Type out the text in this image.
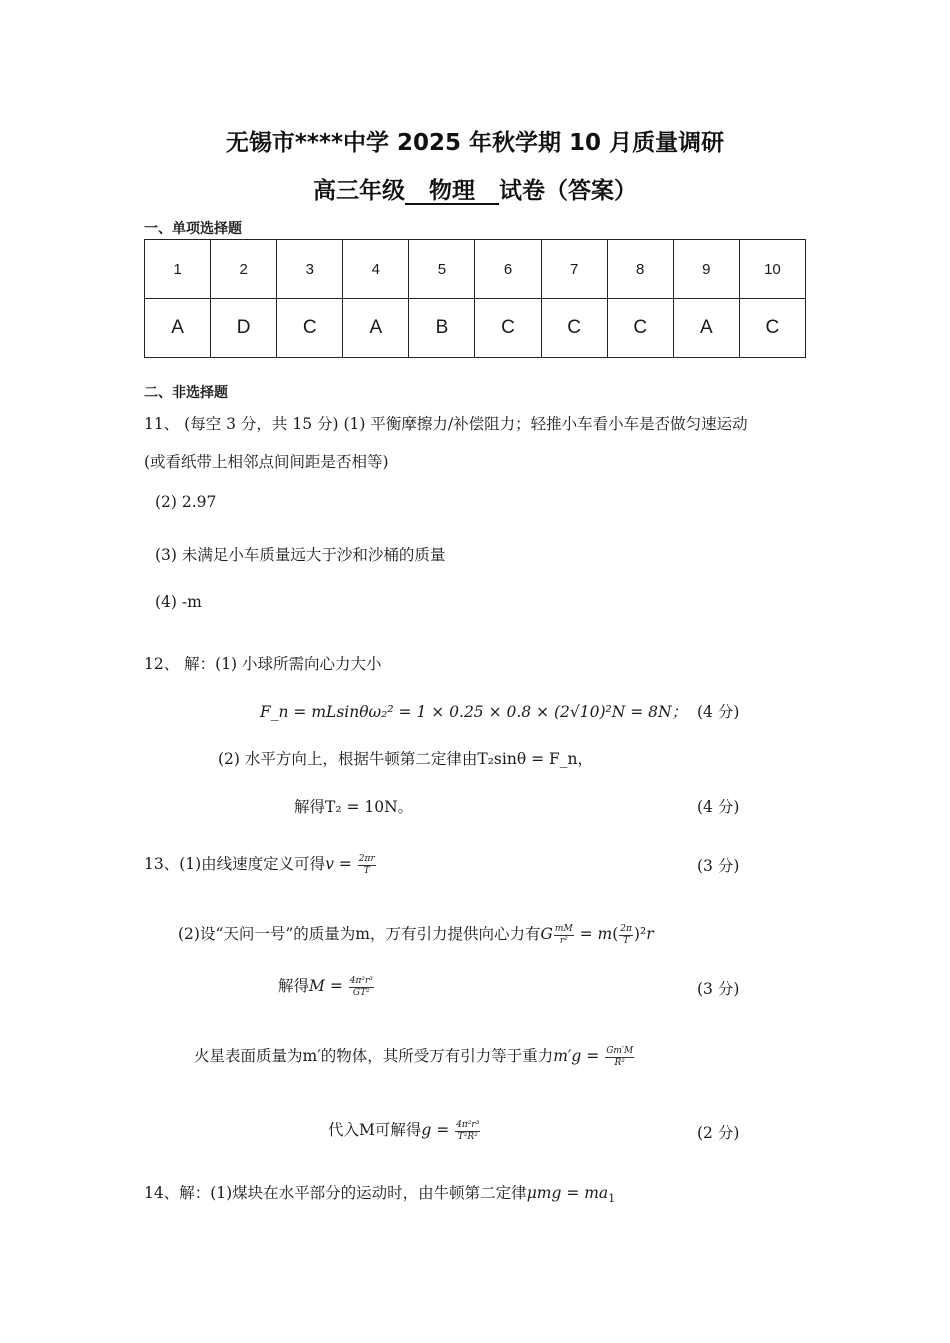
无锡市****中学 2025 年秋学期 10 月质量调研
高三年级 物理 试卷（答案）
一、单项选择题
1	2	3	4	5	6	7	8	9	10
A	D	C	A	B	C	C	C	A	C
二、非选择题
11、 (每空 3 分，共 15 分) (1) 平衡摩擦力/补偿阻力；轻推小车看小车是否做匀速运动
(或看纸带上相邻点间间距是否相等)
(2) 2.97
(3) 未满足小车质量远大于沙和沙桶的质量
(4) -m
12、 解：(1) 小球所需向心力大小
F_n = mLsinθω₂² = 1 × 0.25 × 0.8 × (2√10)²N = 8N； (4 分)
(2) 水平方向上，根据牛顿第二定律由T₂sinθ = F_n，
解得T₂ = 10N。	(4 分)
13、(1)由线速度定义可得$v = \frac{2\pi r}{T}$	(3 分)
(2)设“天问一号”的质量为m，万有引力提供向心力有G $\frac{mM}{\text{r²}} = m( \frac{2\pi}{T} )^2r$
解得$M = \frac{\text{4π²r³}}{\text{GT²}}$	(3 分)
火星表面质量为m′的物体，其所受万有引力等于重力$m'g = \frac{Gm'M}{\text{R²}}$
代入M可解得$g = \frac{\text{4π²r³}}{\text{T²R²}}$	(2 分)
14、解：(1)煤块在水平部分的运动时，由牛顿第二定律$\mu mg = ma_1$
